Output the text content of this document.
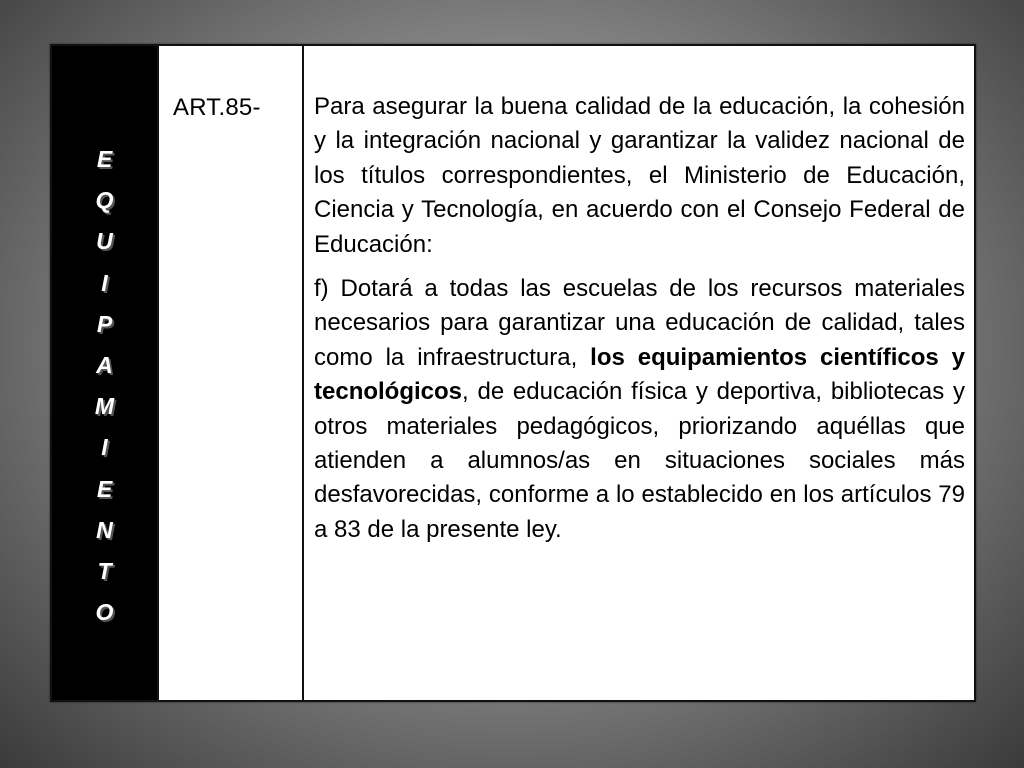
E
Q
U
I
P
A
M
I
E
N
T
O
ART.85-	Para asegurar la buena calidad de la educación, la cohesión y la integración nacional y garantizar la validez nacional de los títulos correspondientes, el Ministerio de Educación, Ciencia y Tecnología, en acuerdo con el Consejo Federal de Educación:

f) Dotará a todas las escuelas de los recursos materiales necesarios para garantizar una educación de calidad, tales como la infraestructura, los equipamientos científicos y tecnológicos, de educación física y deportiva, bibliotecas y otros materiales pedagógicos, priorizando aquéllas que atienden a alumnos/as en situaciones sociales más desfavorecidas, conforme a lo establecido en los artículos 79 a 83 de la presente ley.
